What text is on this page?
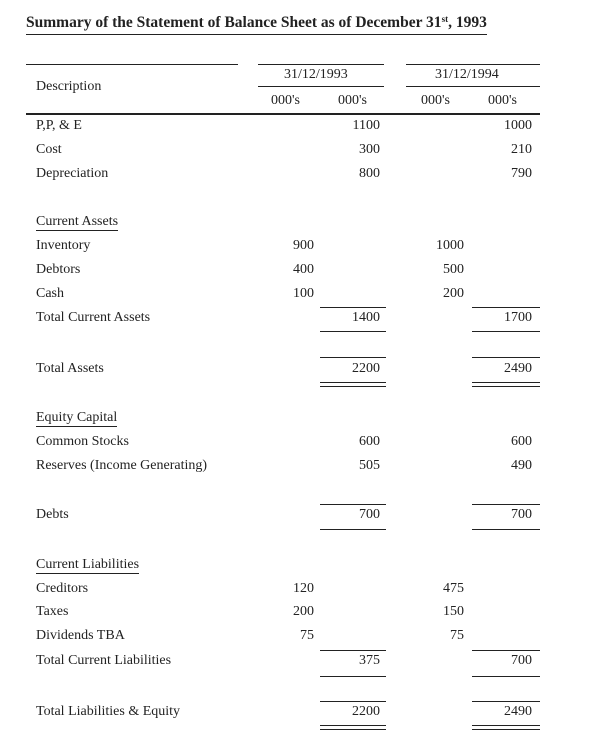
Summary of the Statement of Balance Sheet as of December 31st, 1993
Description
31/12/1993	31/12/1994
000's	000's	000's	000's
P,P, & E	1100	1000
Cost	300	210
Depreciation	800	790
Current Assets
Inventory	900	1000
Debtors	400	500
Cash	100	200
Total Current Assets	1400	1700
Total Assets	2200	2490
Equity Capital
Common Stocks	600	600
Reserves (Income Generating)	505	490
Debts	700	700
Current Liabilities
Creditors	120	475
Taxes	200	150
Dividends TBA	75	75
Total Current Liabilities	375	700
Total Liabilities & Equity	2200	2490
